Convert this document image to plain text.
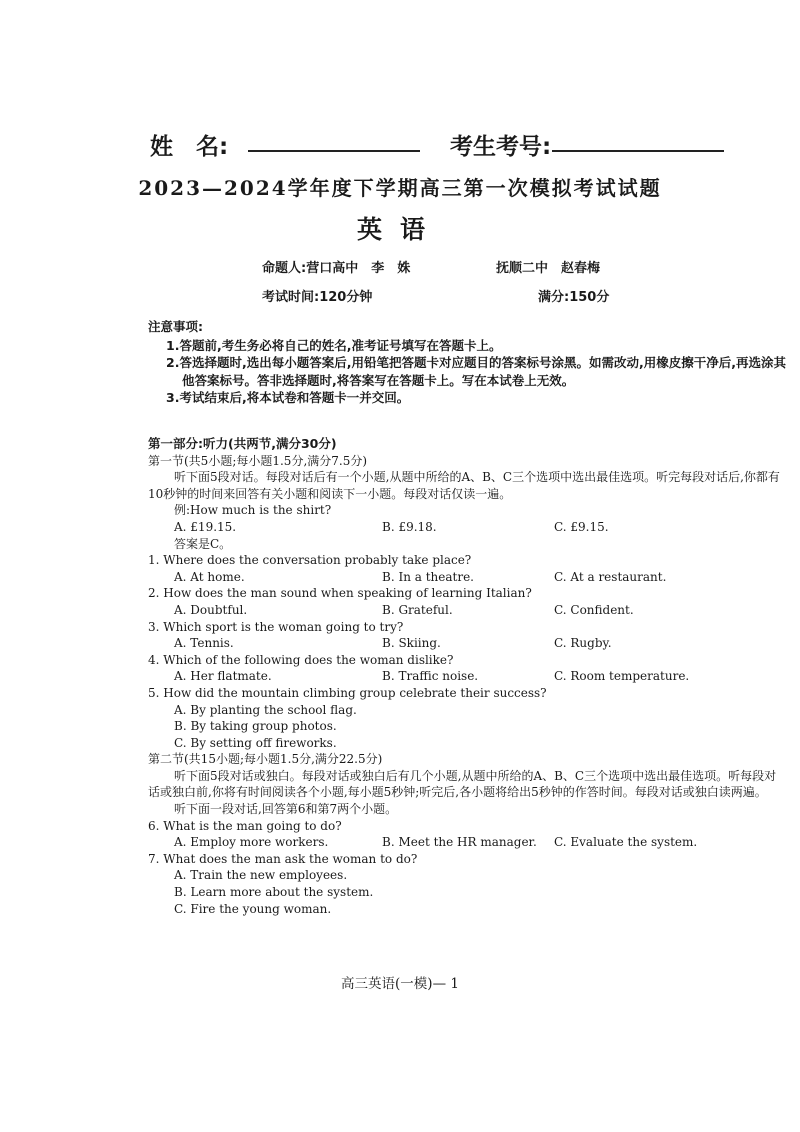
姓　名:	考生考号:
2023—2024学年度下学期高三第一次模拟考试试题
英语
命题人:营口高中　李　姝	抚顺二中　赵春梅
考试时间:120分钟	满分:150分
注意事项:
1.答题前,考生务必将自己的姓名,准考证号填写在答题卡上。
2.答选择题时,选出每小题答案后,用铅笔把答题卡对应题目的答案标号涂黑。如需改动,用橡皮擦干净后,再选涂其他答案标号。答非选择题时,将答案写在答题卡上。写在本试卷上无效。
3.考试结束后,将本试卷和答题卡一并交回。
第一部分:听力(共两节,满分30分)
第一节(共5小题;每小题1.5分,满分7.5分)
听下面5段对话。每段对话后有一个小题,从题中所给的A、B、C三个选项中选出最佳选项。听完每段对话后,你都有10秒钟的时间来回答有关小题和阅读下一小题。每段对话仅读一遍。
例:How much is the shirt?
A. £19.15.	B. £9.18.	C. £9.15.
答案是C。
1. Where does the conversation probably take place?
A. At home.	B. In a theatre.	C. At a restaurant.
2. How does the man sound when speaking of learning Italian?
A. Doubtful.	B. Grateful.	C. Confident.
3. Which sport is the woman going to try?
A. Tennis.	B. Skiing.	C. Rugby.
4. Which of the following does the woman dislike?
A. Her flatmate.	B. Traffic noise.	C. Room temperature.
5. How did the mountain climbing group celebrate their success?
A. By planting the school flag.
B. By taking group photos.
C. By setting off fireworks.
第二节(共15小题;每小题1.5分,满分22.5分)
听下面5段对话或独白。每段对话或独白后有几个小题,从题中所给的A、B、C三个选项中选出最佳选项。听每段对话或独白前,你将有时间阅读各个小题,每小题5秒钟;听完后,各小题将给出5秒钟的作答时间。每段对话或独白读两遍。
听下面一段对话,回答第6和第7两个小题。
6. What is the man going to do?
A. Employ more workers.	B. Meet the HR manager. C. Evaluate the system.
7. What does the man ask the woman to do?
A. Train the new employees.
B. Learn more about the system.
C. Fire the young woman.
高三英语(一模)— 1
